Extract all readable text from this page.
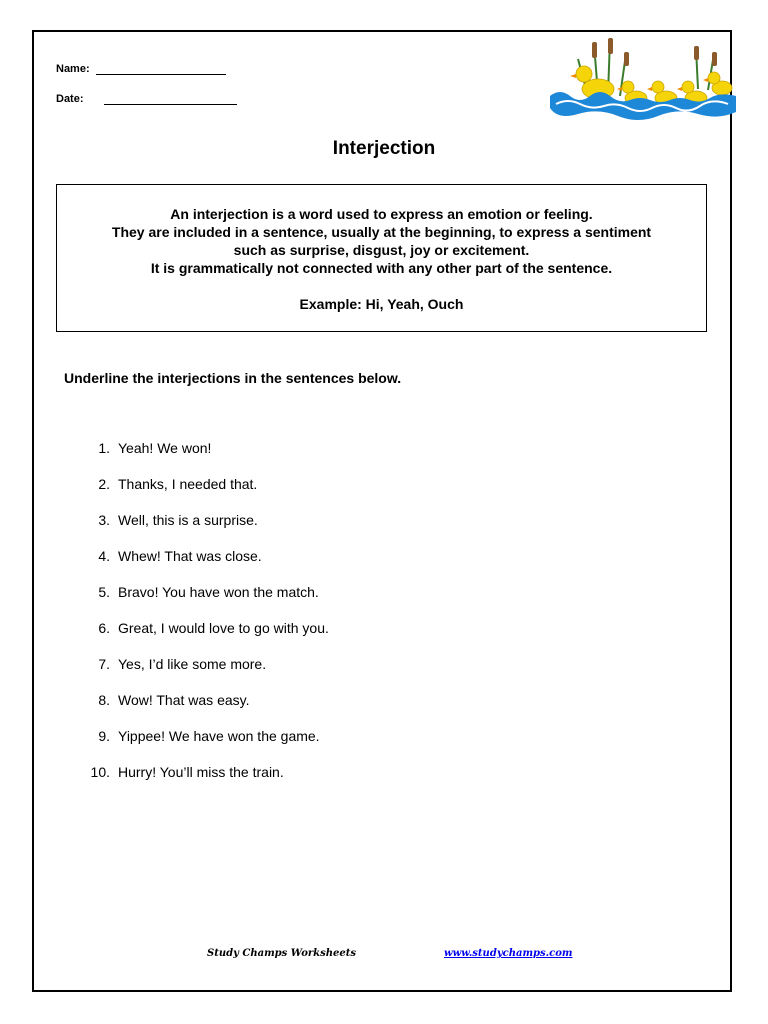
Name:
Date:
Interjection
An interjection is a word used to express an emotion or feeling.
They are included in a sentence, usually at the beginning, to express a sentiment
such as surprise, disgust, joy or excitement.
It is grammatically not connected with any other part of the sentence.
Example: Hi, Yeah, Ouch
Underline the interjections in the sentences below.
1. Yeah! We won!
2. Thanks, I needed that.
3. Well, this is a surprise.
4. Whew! That was close.
5. Bravo! You have won the match.
6. Great, I would love to go with you.
7. Yes, I’d like some more.
8. Wow! That was easy.
9. Yippee! We have won the game.
10. Hurry! You’ll miss the train.
Study Champs Worksheets	www.studychamps.com
